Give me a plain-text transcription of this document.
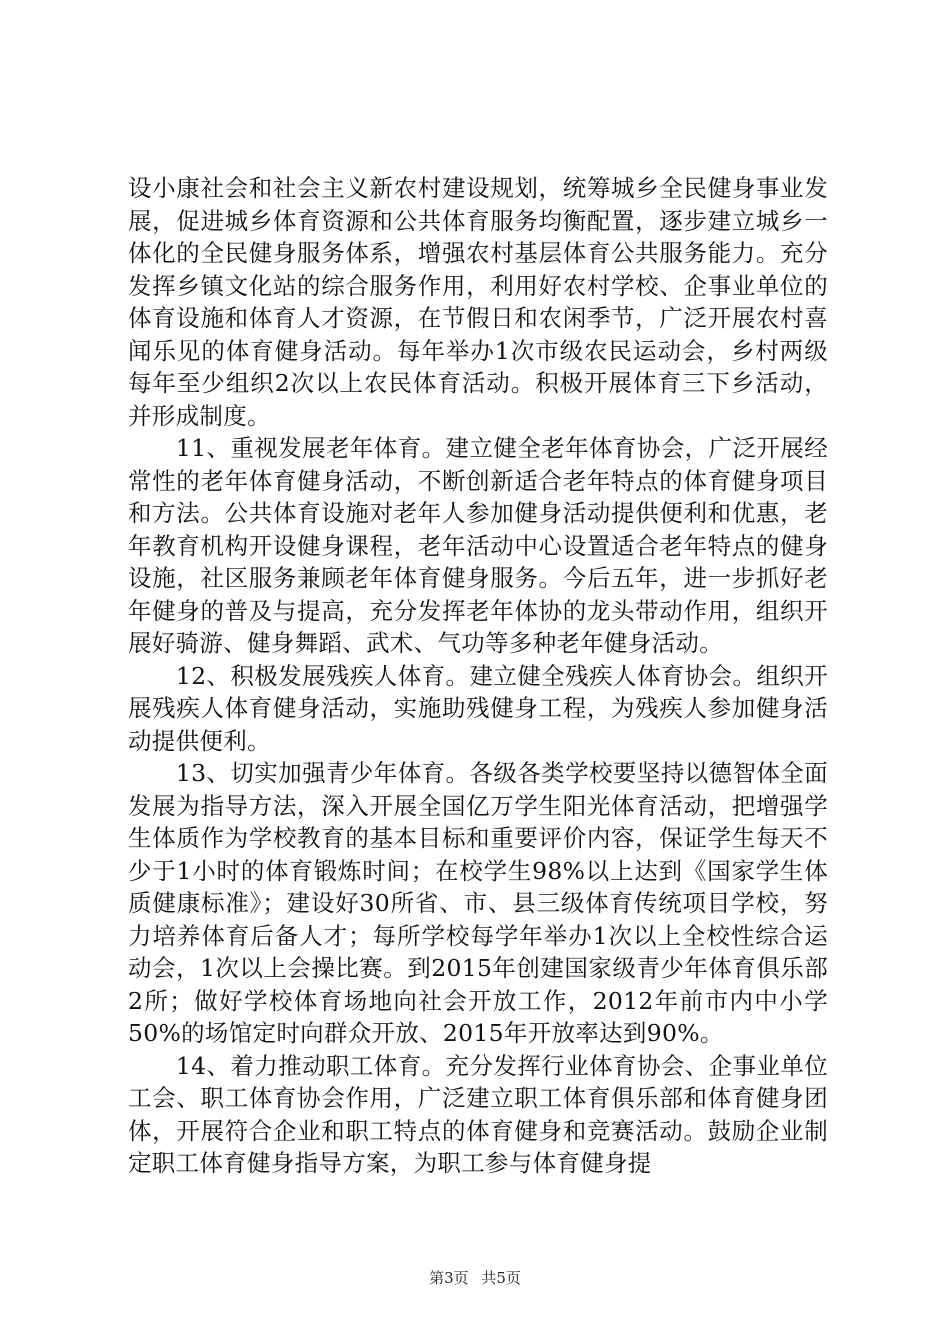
设小康社会和社会主义新农村建设规划，统筹城乡全民健身事业发展，促进城乡体育资源和公共体育服务均衡配置，逐步建立城乡一体化的全民健身服务体系，增强农村基层体育公共服务能力。充分发挥乡镇文化站的综合服务作用，利用好农村学校、企事业单位的体育设施和体育人才资源，在节假日和农闲季节，广泛开展农村喜闻乐见的体育健身活动。每年举办1次市级农民运动会，乡村两级每年至少组织2次以上农民体育活动。积极开展体育三下乡活动，并形成制度。

　　11、重视发展老年体育。建立健全老年体育协会，广泛开展经常性的老年体育健身活动，不断创新适合老年特点的体育健身项目和方法。公共体育设施对老年人参加健身活动提供便利和优惠，老年教育机构开设健身课程，老年活动中心设置适合老年特点的健身设施，社区服务兼顾老年体育健身服务。今后五年，进一步抓好老年健身的普及与提高，充分发挥老年体协的龙头带动作用，组织开展好骑游、健身舞蹈、武术、气功等多种老年健身活动。

　　12、积极发展残疾人体育。建立健全残疾人体育协会。组织开展残疾人体育健身活动，实施助残健身工程，为残疾人参加健身活动提供便利。

　　13、切实加强青少年体育。各级各类学校要坚持以德智体全面发展为指导方法，深入开展全国亿万学生阳光体育活动，把增强学生体质作为学校教育的基本目标和重要评价内容，保证学生每天不少于1小时的体育锻炼时间；在校学生98%以上达到《国家学生体质健康标准》；建设好30所省、市、县三级体育传统项目学校，努力培养体育后备人才；每所学校每学年举办1次以上全校性综合运动会，1次以上会操比赛。到2015年创建国家级青少年体育俱乐部2所；做好学校体育场地向社会开放工作，2012年前市内中小学50%的场馆定时向群众开放、2015年开放率达到90%。

　　14、着力推动职工体育。充分发挥行业体育协会、企事业单位工会、职工体育协会作用，广泛建立职工体育俱乐部和体育健身团体，开展符合企业和职工特点的体育健身和竞赛活动。鼓励企业制定职工体育健身指导方案，为职工参与体育健身提

第3页 共5页
